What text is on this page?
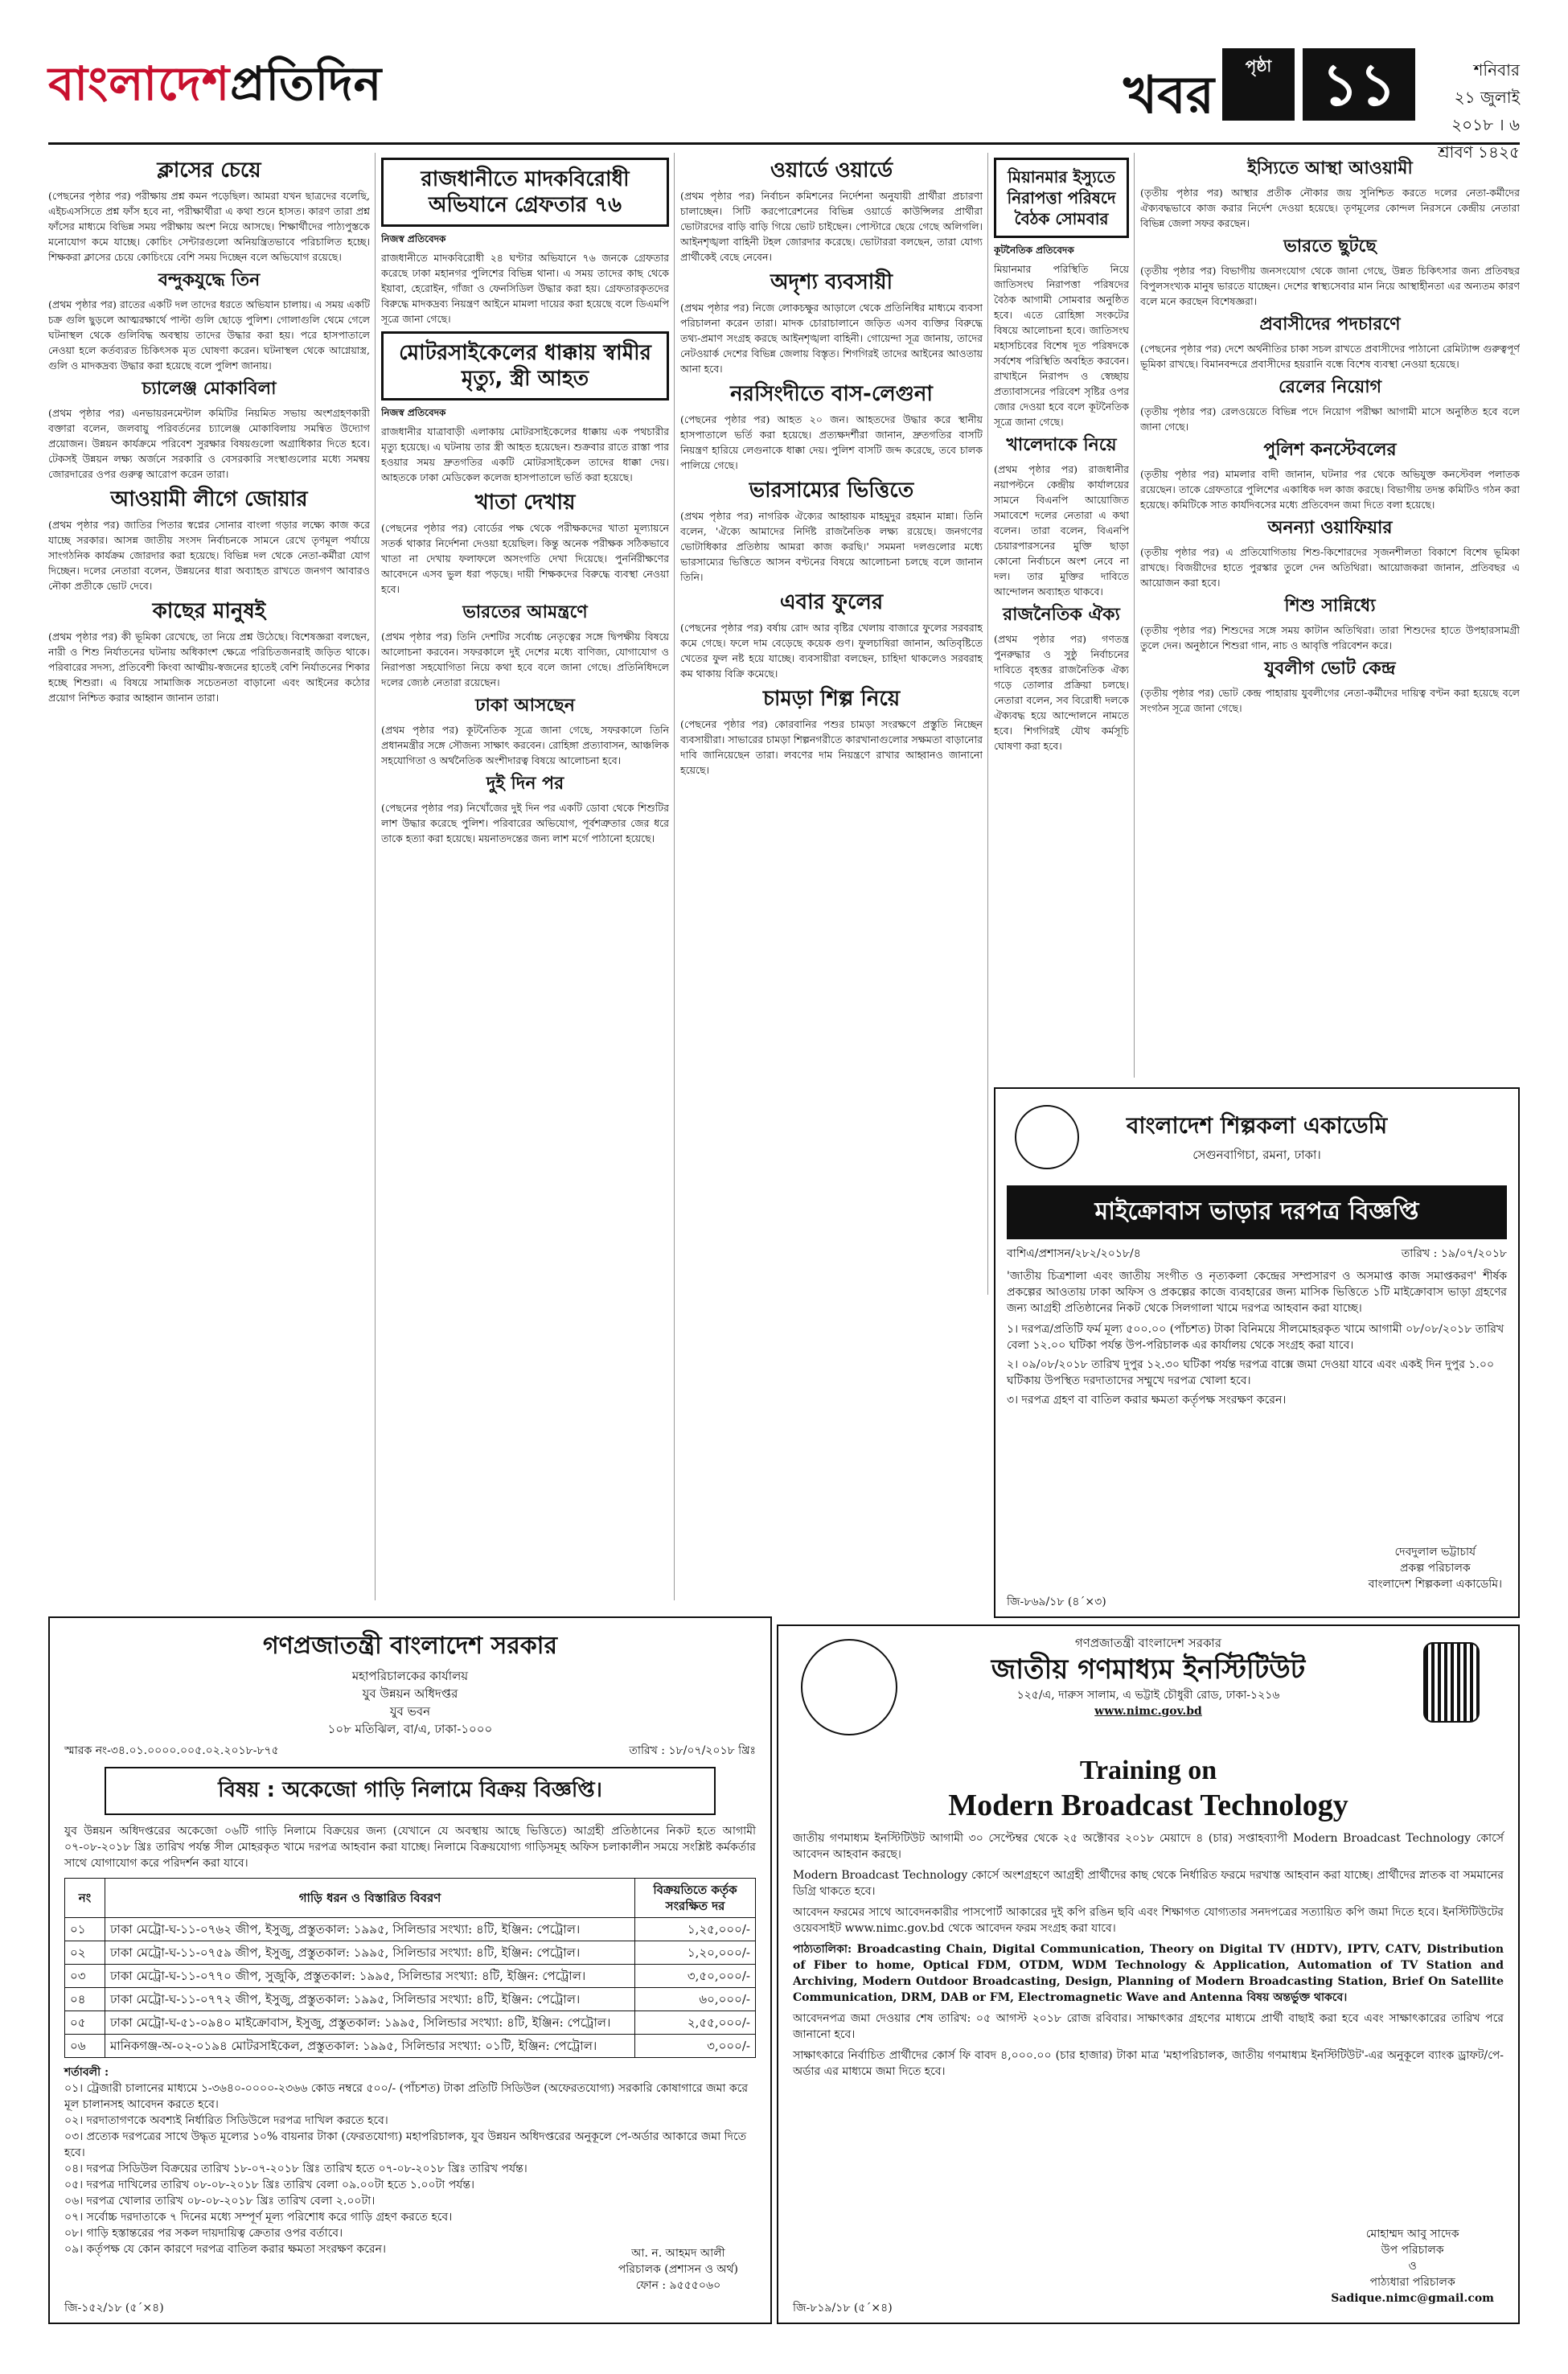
বাংলাদেশপ্রতিদিন	খবর	পৃষ্ঠা ১১	শনিবার
২১ জুলাই ২০১৮ । ৬ শ্রাবণ ১৪২৫
ক্লাসের চেয়ে

(পেছনের পৃষ্ঠার পর) পরীক্ষায় প্রশ্ন কমন পড়েছিল। আমরা যখন ছাত্রদের বলেছি, এইচএসসিতে প্রশ্ন ফাঁস হবে না, পরীক্ষার্থীরা এ কথা শুনে হাসত। কারণ তারা প্রশ্ন ফাঁসের মাধ্যমে বিভিন্ন সময় পরীক্ষায় অংশ নিয়ে আসছে। শিক্ষার্থীদের পাঠ্যপুস্তকে মনোযোগ কমে যাচ্ছে। কোচিং সেন্টারগুলো অনিয়ন্ত্রিতভাবে পরিচালিত হচ্ছে। শিক্ষকরা ক্লাসের চেয়ে কোচিংয়ে বেশি সময় দিচ্ছেন বলে অভিযোগ রয়েছে।

বন্দুকযুদ্ধে তিন

(প্রথম পৃষ্ঠার পর) রাতের একটি দল তাদের ধরতে অভিযান চালায়। এ সময় একটি চক্র গুলি ছুড়লে আত্মরক্ষার্থে পাল্টা গুলি ছোড়ে পুলিশ। গোলাগুলি থেমে গেলে ঘটনাস্থল থেকে গুলিবিদ্ধ অবস্থায় তাদের উদ্ধার করা হয়। পরে হাসপাতালে নেওয়া হলে কর্তব্যরত চিকিৎসক মৃত ঘোষণা করেন। ঘটনাস্থল থেকে আগ্নেয়াস্ত্র, গুলি ও মাদকদ্রব্য উদ্ধার করা হয়েছে বলে পুলিশ জানায়।

চ্যালেঞ্জ মোকাবিলা

(প্রথম পৃষ্ঠার পর) এনভায়রনমেন্টাল কমিটির নিয়মিত সভায় অংশগ্রহণকারী বক্তারা বলেন, জলবায়ু পরিবর্তনের চ্যালেঞ্জ মোকাবিলায় সমন্বিত উদ্যোগ প্রয়োজন। উন্নয়ন কার্যক্রমে পরিবেশ সুরক্ষার বিষয়গুলো অগ্রাধিকার দিতে হবে। টেকসই উন্নয়ন লক্ষ্য অর্জনে সরকারি ও বেসরকারি সংস্থাগুলোর মধ্যে সমন্বয় জোরদারের ওপর গুরুত্ব আরোপ করেন তারা।

আওয়ামী লীগে জোয়ার

(প্রথম পৃষ্ঠার পর) জাতির পিতার স্বপ্নের সোনার বাংলা গড়ার লক্ষ্যে কাজ করে যাচ্ছে সরকার। আসন্ন জাতীয় সংসদ নির্বাচনকে সামনে রেখে তৃণমূল পর্যায়ে সাংগঠনিক কার্যক্রম জোরদার করা হয়েছে। বিভিন্ন দল থেকে নেতা-কর্মীরা যোগ দিচ্ছেন। দলের নেতারা বলেন, উন্নয়নের ধারা অব্যাহত রাখতে জনগণ আবারও নৌকা প্রতীকে ভোট দেবে।

কাছের মানুষই

(প্রথম পৃষ্ঠার পর) কী ভূমিকা রেখেছে, তা নিয়ে প্রশ্ন উঠেছে। বিশেষজ্ঞরা বলছেন, নারী ও শিশু নির্যাতনের ঘটনায় অধিকাংশ ক্ষেত্রে পরিচিতজনরাই জড়িত থাকে। পরিবারের সদস্য, প্রতিবেশী কিংবা আত্মীয়-স্বজনের হাতেই বেশি নির্যাতনের শিকার হচ্ছে শিশুরা। এ বিষয়ে সামাজিক সচেতনতা বাড়ানো এবং আইনের কঠোর প্রয়োগ নিশ্চিত করার আহ্বান জানান তারা।

রাজধানীতে মাদকবিরোধী অভিযানে গ্রেফতার ৭৬
নিজস্ব প্রতিবেদক

রাজধানীতে মাদকবিরোধী ২৪ ঘণ্টার অভিযানে ৭৬ জনকে গ্রেফতার করেছে ঢাকা মহানগর পুলিশের বিভিন্ন থানা। এ সময় তাদের কাছ থেকে ইয়াবা, হেরোইন, গাঁজা ও ফেনসিডিল উদ্ধার করা হয়। গ্রেফতারকৃতদের বিরুদ্ধে মাদকদ্রব্য নিয়ন্ত্রণ আইনে মামলা দায়ের করা হয়েছে বলে ডিএমপি সূত্রে জানা গেছে।

মোটরসাইকেলের ধাক্কায় স্বামীর মৃত্যু, স্ত্রী আহত
নিজস্ব প্রতিবেদক

রাজধানীর যাত্রাবাড়ী এলাকায় মোটরসাইকেলের ধাক্কায় এক পথচারীর মৃত্যু হয়েছে। এ ঘটনায় তার স্ত্রী আহত হয়েছেন। শুক্রবার রাতে রাস্তা পার হওয়ার সময় দ্রুতগতির একটি মোটরসাইকেল তাদের ধাক্কা দেয়। আহতকে ঢাকা মেডিকেল কলেজ হাসপাতালে ভর্তি করা হয়েছে।

খাতা দেখায়

(পেছনের পৃষ্ঠার পর) বোর্ডের পক্ষ থেকে পরীক্ষকদের খাতা মূল্যায়নে সতর্ক থাকার নির্দেশনা দেওয়া হয়েছিল। কিন্তু অনেক পরীক্ষক সঠিকভাবে খাতা না দেখায় ফলাফলে অসংগতি দেখা দিয়েছে। পুনর্নিরীক্ষণের আবেদনে এসব ভুল ধরা পড়ছে। দায়ী শিক্ষকদের বিরুদ্ধে ব্যবস্থা নেওয়া হবে।

ভারতের আমন্ত্রণে

(প্রথম পৃষ্ঠার পর) তিনি দেশটির সর্বোচ্চ নেতৃত্বের সঙ্গে দ্বিপক্ষীয় বিষয়ে আলোচনা করবেন। সফরকালে দুই দেশের মধ্যে বাণিজ্য, যোগাযোগ ও নিরাপত্তা সহযোগিতা নিয়ে কথা হবে বলে জানা গেছে। প্রতিনিধিদলে দলের জ্যেষ্ঠ নেতারা রয়েছেন।

ঢাকা আসছেন

(প্রথম পৃষ্ঠার পর) কূটনৈতিক সূত্রে জানা গেছে, সফরকালে তিনি প্রধানমন্ত্রীর সঙ্গে সৌজন্য সাক্ষাৎ করবেন। রোহিঙ্গা প্রত্যাবাসন, আঞ্চলিক সহযোগিতা ও অর্থনৈতিক অংশীদারত্ব বিষয়ে আলোচনা হবে।

দুই দিন পর

(পেছনের পৃষ্ঠার পর) নিখোঁজের দুই দিন পর একটি ডোবা থেকে শিশুটির লাশ উদ্ধার করেছে পুলিশ। পরিবারের অভিযোগ, পূর্বশত্রুতার জের ধরে তাকে হত্যা করা হয়েছে। ময়নাতদন্তের জন্য লাশ মর্গে পাঠানো হয়েছে।

ওয়ার্ডে ওয়ার্ডে

(প্রথম পৃষ্ঠার পর) নির্বাচন কমিশনের নির্দেশনা অনুযায়ী প্রার্থীরা প্রচারণা চালাচ্ছেন। সিটি করপোরেশনের বিভিন্ন ওয়ার্ডে কাউন্সিলর প্রার্থীরা ভোটারদের বাড়ি বাড়ি গিয়ে ভোট চাইছেন। পোস্টারে ছেয়ে গেছে অলিগলি। আইনশৃঙ্খলা বাহিনী টহল জোরদার করেছে। ভোটাররা বলছেন, তারা যোগ্য প্রার্থীকেই বেছে নেবেন।

অদৃশ্য ব্যবসায়ী

(প্রথম পৃষ্ঠার পর) নিজে লোকচক্ষুর আড়ালে থেকে প্রতিনিধির মাধ্যমে ব্যবসা পরিচালনা করেন তারা। মাদক চোরাচালানে জড়িত এসব ব্যক্তির বিরুদ্ধে তথ্য-প্রমাণ সংগ্রহ করছে আইনশৃঙ্খলা বাহিনী। গোয়েন্দা সূত্র জানায়, তাদের নেটওয়ার্ক দেশের বিভিন্ন জেলায় বিস্তৃত। শিগগিরই তাদের আইনের আওতায় আনা হবে।

নরসিংদীতে বাস-লেগুনা

(পেছনের পৃষ্ঠার পর) আহত ২০ জন। আহতদের উদ্ধার করে স্থানীয় হাসপাতালে ভর্তি করা হয়েছে। প্রত্যক্ষদর্শীরা জানান, দ্রুতগতির বাসটি নিয়ন্ত্রণ হারিয়ে লেগুনাকে ধাক্কা দেয়। পুলিশ বাসটি জব্দ করেছে, তবে চালক পালিয়ে গেছে।

ভারসাম্যের ভিত্তিতে

(প্রথম পৃষ্ঠার পর) নাগরিক ঐক্যের আহ্বায়ক মাহমুদুর রহমান মান্না। তিনি বলেন, 'ঐক্যে আমাদের নির্দিষ্ট রাজনৈতিক লক্ষ্য রয়েছে। জনগণের ভোটাধিকার প্রতিষ্ঠায় আমরা কাজ করছি।' সমমনা দলগুলোর মধ্যে ভারসাম্যের ভিত্তিতে আসন বণ্টনের বিষয়ে আলোচনা চলছে বলে জানান তিনি।

এবার ফুলের

(পেছনের পৃষ্ঠার পর) বর্ষায় রোদ আর বৃষ্টির খেলায় বাজারে ফুলের সরবরাহ কমে গেছে। ফলে দাম বেড়েছে কয়েক গুণ। ফুলচাষিরা জানান, অতিবৃষ্টিতে খেতের ফুল নষ্ট হয়ে যাচ্ছে। ব্যবসায়ীরা বলছেন, চাহিদা থাকলেও সরবরাহ কম থাকায় বিক্রি কমেছে।

চামড়া শিল্প নিয়ে

(পেছনের পৃষ্ঠার পর) কোরবানির পশুর চামড়া সংরক্ষণে প্রস্তুতি নিচ্ছেন ব্যবসায়ীরা। সাভারের চামড়া শিল্পনগরীতে কারখানাগুলোর সক্ষমতা বাড়ানোর দাবি জানিয়েছেন তারা। লবণের দাম নিয়ন্ত্রণে রাখার আহ্বানও জানানো হয়েছে।

মিয়ানমার ইস্যুতে নিরাপত্তা পরিষদে বৈঠক সোমবার
কূটনৈতিক প্রতিবেদক

মিয়ানমার পরিস্থিতি নিয়ে জাতিসংঘ নিরাপত্তা পরিষদের বৈঠক আগামী সোমবার অনুষ্ঠিত হবে। এতে রোহিঙ্গা সংকটের বিষয়ে আলোচনা হবে। জাতিসংঘ মহাসচিবের বিশেষ দূত পরিষদকে সর্বশেষ পরিস্থিতি অবহিত করবেন। রাখাইনে নিরাপদ ও স্বেচ্ছায় প্রত্যাবাসনের পরিবেশ সৃষ্টির ওপর জোর দেওয়া হবে বলে কূটনৈতিক সূত্রে জানা গেছে।

খালেদাকে নিয়ে

(প্রথম পৃষ্ঠার পর) রাজধানীর নয়াপল্টনে কেন্দ্রীয় কার্যালয়ের সামনে বিএনপি আয়োজিত সমাবেশে দলের নেতারা এ কথা বলেন। তারা বলেন, বিএনপি চেয়ারপারসনের মুক্তি ছাড়া কোনো নির্বাচনে অংশ নেবে না দল। তার মুক্তির দাবিতে আন্দোলন অব্যাহত থাকবে।

রাজনৈতিক ঐক্য

(প্রথম পৃষ্ঠার পর) গণতন্ত্র পুনরুদ্ধার ও সুষ্ঠু নির্বাচনের দাবিতে বৃহত্তর রাজনৈতিক ঐক্য গড়ে তোলার প্রক্রিয়া চলছে। নেতারা বলেন, সব বিরোধী দলকে ঐক্যবদ্ধ হয়ে আন্দোলনে নামতে হবে। শিগগিরই যৌথ কর্মসূচি ঘোষণা করা হবে।

ইস্যিতে আস্থা আওয়ামী

(তৃতীয় পৃষ্ঠার পর) আস্থার প্রতীক নৌকার জয় সুনিশ্চিত করতে দলের নেতা-কর্মীদের ঐক্যবদ্ধভাবে কাজ করার নির্দেশ দেওয়া হয়েছে। তৃণমূলের কোন্দল নিরসনে কেন্দ্রীয় নেতারা বিভিন্ন জেলা সফর করছেন।

ভারতে ছুটছে

(তৃতীয় পৃষ্ঠার পর) বিভাগীয় জনসংযোগ থেকে জানা গেছে, উন্নত চিকিৎসার জন্য প্রতিবছর বিপুলসংখ্যক মানুষ ভারতে যাচ্ছেন। দেশের স্বাস্থ্যসেবার মান নিয়ে আস্থাহীনতা এর অন্যতম কারণ বলে মনে করছেন বিশেষজ্ঞরা।

প্রবাসীদের পদচারণে

(পেছনের পৃষ্ঠার পর) দেশে অর্থনীতির চাকা সচল রাখতে প্রবাসীদের পাঠানো রেমিট্যান্স গুরুত্বপূর্ণ ভূমিকা রাখছে। বিমানবন্দরে প্রবাসীদের হয়রানি বন্ধে বিশেষ ব্যবস্থা নেওয়া হয়েছে।

রেলের নিয়োগ

(তৃতীয় পৃষ্ঠার পর) রেলওয়েতে বিভিন্ন পদে নিয়োগ পরীক্ষা আগামী মাসে অনুষ্ঠিত হবে বলে জানা গেছে।

পুলিশ কনস্টেবলের

(তৃতীয় পৃষ্ঠার পর) মামলার বাদী জানান, ঘটনার পর থেকে অভিযুক্ত কনস্টেবল পলাতক রয়েছেন। তাকে গ্রেফতারে পুলিশের একাধিক দল কাজ করছে। বিভাগীয় তদন্ত কমিটিও গঠন করা হয়েছে। কমিটিকে সাত কার্যদিবসের মধ্যে প্রতিবেদন জমা দিতে বলা হয়েছে।

অনন্যা ওয়াফিয়ার

(তৃতীয় পৃষ্ঠার পর) এ প্রতিযোগিতায় শিশু-কিশোরদের সৃজনশীলতা বিকাশে বিশেষ ভূমিকা রাখছে। বিজয়ীদের হাতে পুরস্কার তুলে দেন অতিথিরা। আয়োজকরা জানান, প্রতিবছর এ আয়োজন করা হবে।

শিশু সান্নিধ্যে

(তৃতীয় পৃষ্ঠার পর) শিশুদের সঙ্গে সময় কাটান অতিথিরা। তারা শিশুদের হাতে উপহারসামগ্রী তুলে দেন। অনুষ্ঠানে শিশুরা গান, নাচ ও আবৃত্তি পরিবেশন করে।

যুবলীগ ভোট কেন্দ্র

(তৃতীয় পৃষ্ঠার পর) ভোট কেন্দ্র পাহারায় যুবলীগের নেতা-কর্মীদের দায়িত্ব বণ্টন করা হয়েছে বলে সংগঠন সূত্রে জানা গেছে।

বাংলাদেশ শিল্পকলা একাডেমি
সেগুনবাগিচা, রমনা, ঢাকা।
মাইক্রোবাস ভাড়ার দরপত্র বিজ্ঞপ্তি
বাশিএ/প্রশাসন/২৮২/২০১৮/৪	তারিখ : ১৯/০৭/২০১৮

'জাতীয় চিত্রশালা এবং জাতীয় সংগীত ও নৃত্যকলা কেন্দ্রের সম্প্রসারণ ও অসমাপ্ত কাজ সমাপ্তকরণ' শীর্ষক প্রকল্পের আওতায় ঢাকা অফিস ও প্রকল্পের কাজে ব্যবহারের জন্য মাসিক ভিত্তিতে ১টি মাইক্রোবাস ভাড়া গ্রহণের জন্য আগ্রহী প্রতিষ্ঠানের নিকট থেকে সিলগালা খামে দরপত্র আহবান করা যাচ্ছে।

১। দরপত্র/প্রতিটি ফর্ম মূল্য ৫০০.০০ (পাঁচশত) টাকা বিনিময়ে সীলমোহরকৃত খামে আগামী ০৮/০৮/২০১৮ তারিখ বেলা ১২.০০ ঘটিকা পর্যন্ত উপ-পরিচালক এর কার্যালয় থেকে সংগ্রহ করা যাবে।

২। ০৯/০৮/২০১৮ তারিখ দুপুর ১২.৩০ ঘটিকা পর্যন্ত দরপত্র বাক্সে জমা দেওয়া যাবে এবং একই দিন দুপুর ১.০০ ঘটিকায় উপস্থিত দরদাতাদের সম্মুখে দরপত্র খোলা হবে।

৩। দরপত্র গ্রহণ বা বাতিল করার ক্ষমতা কর্তৃপক্ষ সংরক্ষণ করেন।

দেবদুলাল ভট্টাচার্য
প্রকল্প পরিচালক
বাংলাদেশ শিল্পকলা একাডেমি।
জি-৮৬৯/১৮ (৪´×৩)
গণপ্রজাতন্ত্রী বাংলাদেশ সরকার
মহাপরিচালকের কার্যালয়
যুব উন্নয়ন অধিদপ্তর
যুব ভবন
১০৮ মতিঝিল, বা/এ, ঢাকা-১০০০
স্মারক নং-৩৪.০১.০০০০.০০৫.০২.২০১৮-৮৭৫	তারিখ : ১৮/০৭/২০১৮ খ্রিঃ
বিষয় : অকেজো গাড়ি নিলামে বিক্রয় বিজ্ঞপ্তি।

যুব উন্নয়ন অধিদপ্তরের অকেজো ০৬টি গাড়ি নিলামে বিক্রয়ের জন্য (যেখানে যে অবস্থায় আছে ভিত্তিতে) আগ্রহী প্রতিষ্ঠানের নিকট হতে আগামী ০৭-০৮-২০১৮ খ্রিঃ তারিখ পর্যন্ত সীল মোহরকৃত খামে দরপত্র আহবান করা যাচ্ছে। নিলামে বিক্রয়যোগ্য গাড়িসমূহ অফিস চলাকালীন সময়ে সংশ্লিষ্ট কর্মকর্তার সাথে যোগাযোগ করে পরিদর্শন করা যাবে।

নং	গাড়ি ধরন ও বিস্তারিত বিবরণ	বিক্রয়তিতে কর্তৃক সংরক্ষিত দর
০১	ঢাকা মেট্রো-ঘ-১১-০৭৬২ জীপ, ইসুজু, প্রস্তুতকাল: ১৯৯৫, সিলিন্ডার সংখ্যা: ৪টি, ইঞ্জিন: পেট্রোল।	১,২৫,০০০/-
০২	ঢাকা মেট্রো-ঘ-১১-০৭৫৯ জীপ, ইসুজু, প্রস্তুতকাল: ১৯৯৫, সিলিন্ডার সংখ্যা: ৪টি, ইঞ্জিন: পেট্রোল।	১,২০,০০০/-
০৩	ঢাকা মেট্রো-ঘ-১১-০৭৭০ জীপ, সুজুকি, প্রস্তুতকাল: ১৯৯৫, সিলিন্ডার সংখ্যা: ৪টি, ইঞ্জিন: পেট্রোল।	৩,৫০,০০০/-
০৪	ঢাকা মেট্রো-ঘ-১১-০৭৭২ জীপ, ইসুজু, প্রস্তুতকাল: ১৯৯৫, সিলিন্ডার সংখ্যা: ৪টি, ইঞ্জিন: পেট্রোল।	৬০,০০০/-
০৫	ঢাকা মেট্রো-ঘ-৫১-০৯৪০ মাইক্রোবাস, ইসুজু, প্রস্তুতকাল: ১৯৯৫, সিলিন্ডার সংখ্যা: ৪টি, ইঞ্জিন: পেট্রোল।	২,৫৫,০০০/-
০৬	মানিকগঞ্জ-অ-০২-০১৯৪ মোটরসাইকেল, প্রস্তুতকাল: ১৯৯৫, সিলিন্ডার সংখ্যা: ০১টি, ইঞ্জিন: পেট্রোল।	৩,০০০/-
শর্তাবলী :
০১। ট্রেজারী চালানের মাধ্যমে ১-৩৬৪০-০০০০-২৩৬৬ কোড নম্বরে ৫০০/- (পাঁচশত) টাকা প্রতিটি সিডিউল (অফেরতযোগ্য) সরকারি কোষাগারে জমা করে মূল চালানসহ আবেদন করতে হবে।
০২। দরদাতাগণকে অবশ্যই নির্ধারিত সিডিউলে দরপত্র দাখিল করতে হবে।
০৩। প্রত্যেক দরপত্রের সাথে উদ্ধৃত মূল্যের ১০% বায়নার টাকা (ফেরতযোগ্য) মহাপরিচালক, যুব উন্নয়ন অধিদপ্তরের অনুকূলে পে-অর্ডার আকারে জমা দিতে হবে।
০৪। দরপত্র সিডিউল বিক্রয়ের তারিখ ১৮-০৭-২০১৮ খ্রিঃ তারিখ হতে ০৭-০৮-২০১৮ খ্রিঃ তারিখ পর্যন্ত।
০৫। দরপত্র দাখিলের তারিখ ০৮-০৮-২০১৮ খ্রিঃ তারিখ বেলা ০৯.০০টা হতে ১.০০টা পর্যন্ত।
০৬। দরপত্র খোলার তারিখ ০৮-০৮-২০১৮ খ্রিঃ তারিখ বেলা ২.০০টা।
০৭। সর্বোচ্চ দরদাতাকে ৭ দিনের মধ্যে সম্পূর্ণ মূল্য পরিশোধ করে গাড়ি গ্রহণ করতে হবে।
০৮। গাড়ি হস্তান্তরের পর সকল দায়দায়িত্ব ক্রেতার ওপর বর্তাবে।
০৯। কর্তৃপক্ষ যে কোন কারণে দরপত্র বাতিল করার ক্ষমতা সংরক্ষণ করেন।	আ. ন. আহমদ আলী
পরিচালক (প্রশাসন ও অর্থ)
ফোন : ৯৫৫৫০৬০
জি-১৫২/১৮ (৫´×৪)
গণপ্রজাতন্ত্রী বাংলাদেশ সরকার
জাতীয় গণমাধ্যম ইনস্টিটিউট
১২৫/এ, দারুস সালাম, এ ভট্টাই চৌধুরী রোড, ঢাকা-১২১৬
www.nimc.gov.bd
Training on
Modern Broadcast Technology

জাতীয় গণমাধ্যম ইনস্টিটিউট আগামী ৩০ সেপ্টেম্বর থেকে ২৫ অক্টোবর ২০১৮ মেয়াদে ৪ (চার) সপ্তাহব্যাপী Modern Broadcast Technology কোর্সে আবেদন আহবান করছে।

Modern Broadcast Technology কোর্সে অংশগ্রহণে আগ্রহী প্রার্থীদের কাছ থেকে নির্ধারিত ফরমে দরখাস্ত আহবান করা যাচ্ছে। প্রার্থীদের স্নাতক বা সমমানের ডিগ্রি থাকতে হবে।

আবেদন ফরমের সাথে আবেদনকারীর পাসপোর্ট আকারের দুই কপি রঙিন ছবি এবং শিক্ষাগত যোগ্যতার সনদপত্রের সত্যায়িত কপি জমা দিতে হবে। ইনস্টিটিউটের ওয়েবসাইট www.nimc.gov.bd থেকে আবেদন ফরম সংগ্রহ করা যাবে।

পাঠ্যতালিকা: Broadcasting Chain, Digital Communication, Theory on Digital TV (HDTV), IPTV, CATV, Distribution of Fiber to home, Optical FDM, OTDM, WDM Technology & Application, Automation of TV Station and Archiving, Modern Outdoor Broadcasting, Design, Planning of Modern Broadcasting Station, Brief On Satellite Communication, DRM, DAB or FM, Electromagnetic Wave and Antenna বিষয় অন্তর্ভুক্ত থাকবে।

আবেদনপত্র জমা দেওয়ার শেষ তারিখ: ০৫ আগস্ট ২০১৮ রোজ রবিবার। সাক্ষাৎকার গ্রহণের মাধ্যমে প্রার্থী বাছাই করা হবে এবং সাক্ষাৎকারের তারিখ পরে জানানো হবে।

সাক্ষাৎকারে নির্বাচিত প্রার্থীদের কোর্স ফি বাবদ ৪,০০০.০০ (চার হাজার) টাকা মাত্র 'মহাপরিচালক, জাতীয় গণমাধ্যম ইনস্টিটিউট'-এর অনুকূলে ব্যাংক ড্রাফট/পে-অর্ডার এর মাধ্যমে জমা দিতে হবে।

মোহাম্মদ আবু সাদেক
উপ পরিচালক
ও
পাঠ্যধারা পরিচালক
Sadique.nimc@gmail.com
জি-৮১৯/১৮ (৫´×৪)
